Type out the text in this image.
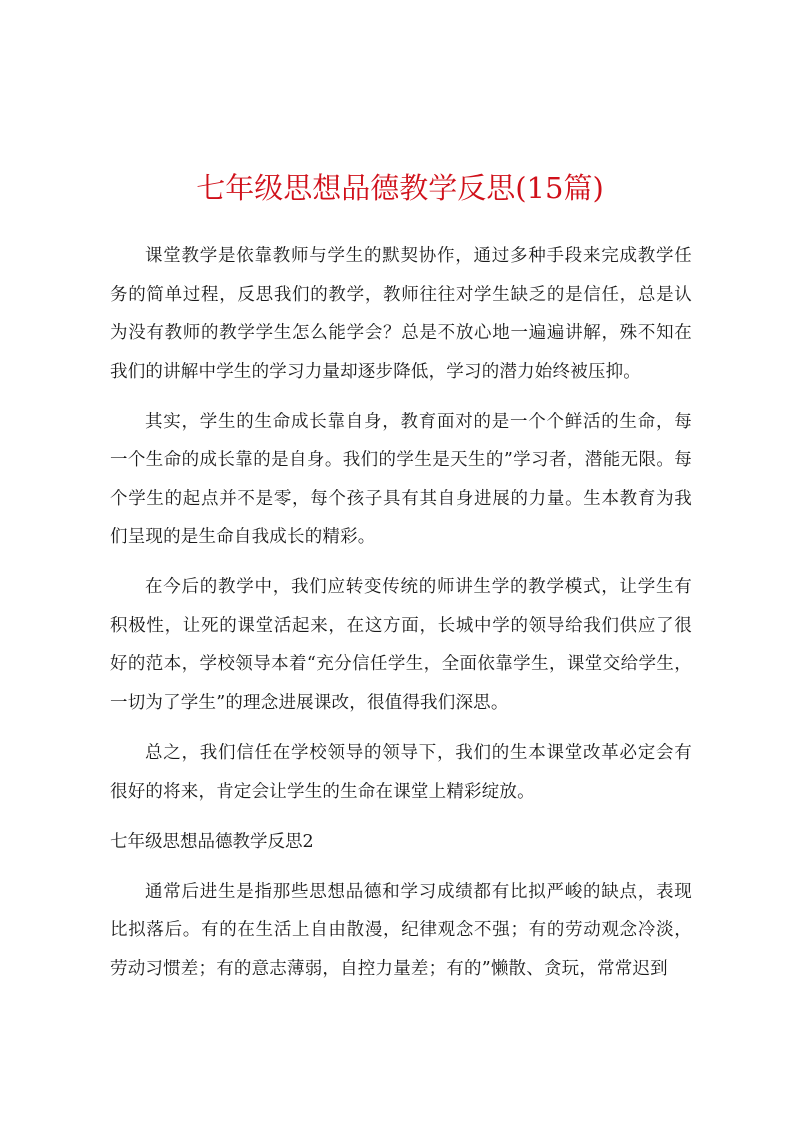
七年级思想品德教学反思(15篇)

课堂教学是依靠教师与学生的默契协作，通过多种手段来完成教学任务的简单过程，反思我们的教学，教师往往对学生缺乏的是信任，总是认为没有教师的教学学生怎么能学会？总是不放心地一遍遍讲解，殊不知在我们的讲解中学生的学习力量却逐步降低，学习的潜力始终被压抑。

其实，学生的生命成长靠自身，教育面对的是一个个鲜活的生命，每一个生命的成长靠的是自身。我们的学生是天生的”学习者，潜能无限。每个学生的起点并不是零，每个孩子具有其自身进展的力量。生本教育为我们呈现的是生命自我成长的精彩。

在今后的教学中，我们应转变传统的师讲生学的教学模式，让学生有积极性，让死的课堂活起来，在这方面，长城中学的领导给我们供应了很好的范本，学校领导本着“充分信任学生，全面依靠学生，课堂交给学生，一切为了学生”的理念进展课改，很值得我们深思。

总之，我们信任在学校领导的领导下，我们的生本课堂改革必定会有很好的将来，肯定会让学生的生命在课堂上精彩绽放。

七年级思想品德教学反思2

通常后进生是指那些思想品德和学习成绩都有比拟严峻的缺点，表现比拟落后。有的在生活上自由散漫，纪律观念不强；有的劳动观念冷淡，劳动习惯差；有的意志薄弱，自控力量差；有的”懒散、贪玩，常常迟到
